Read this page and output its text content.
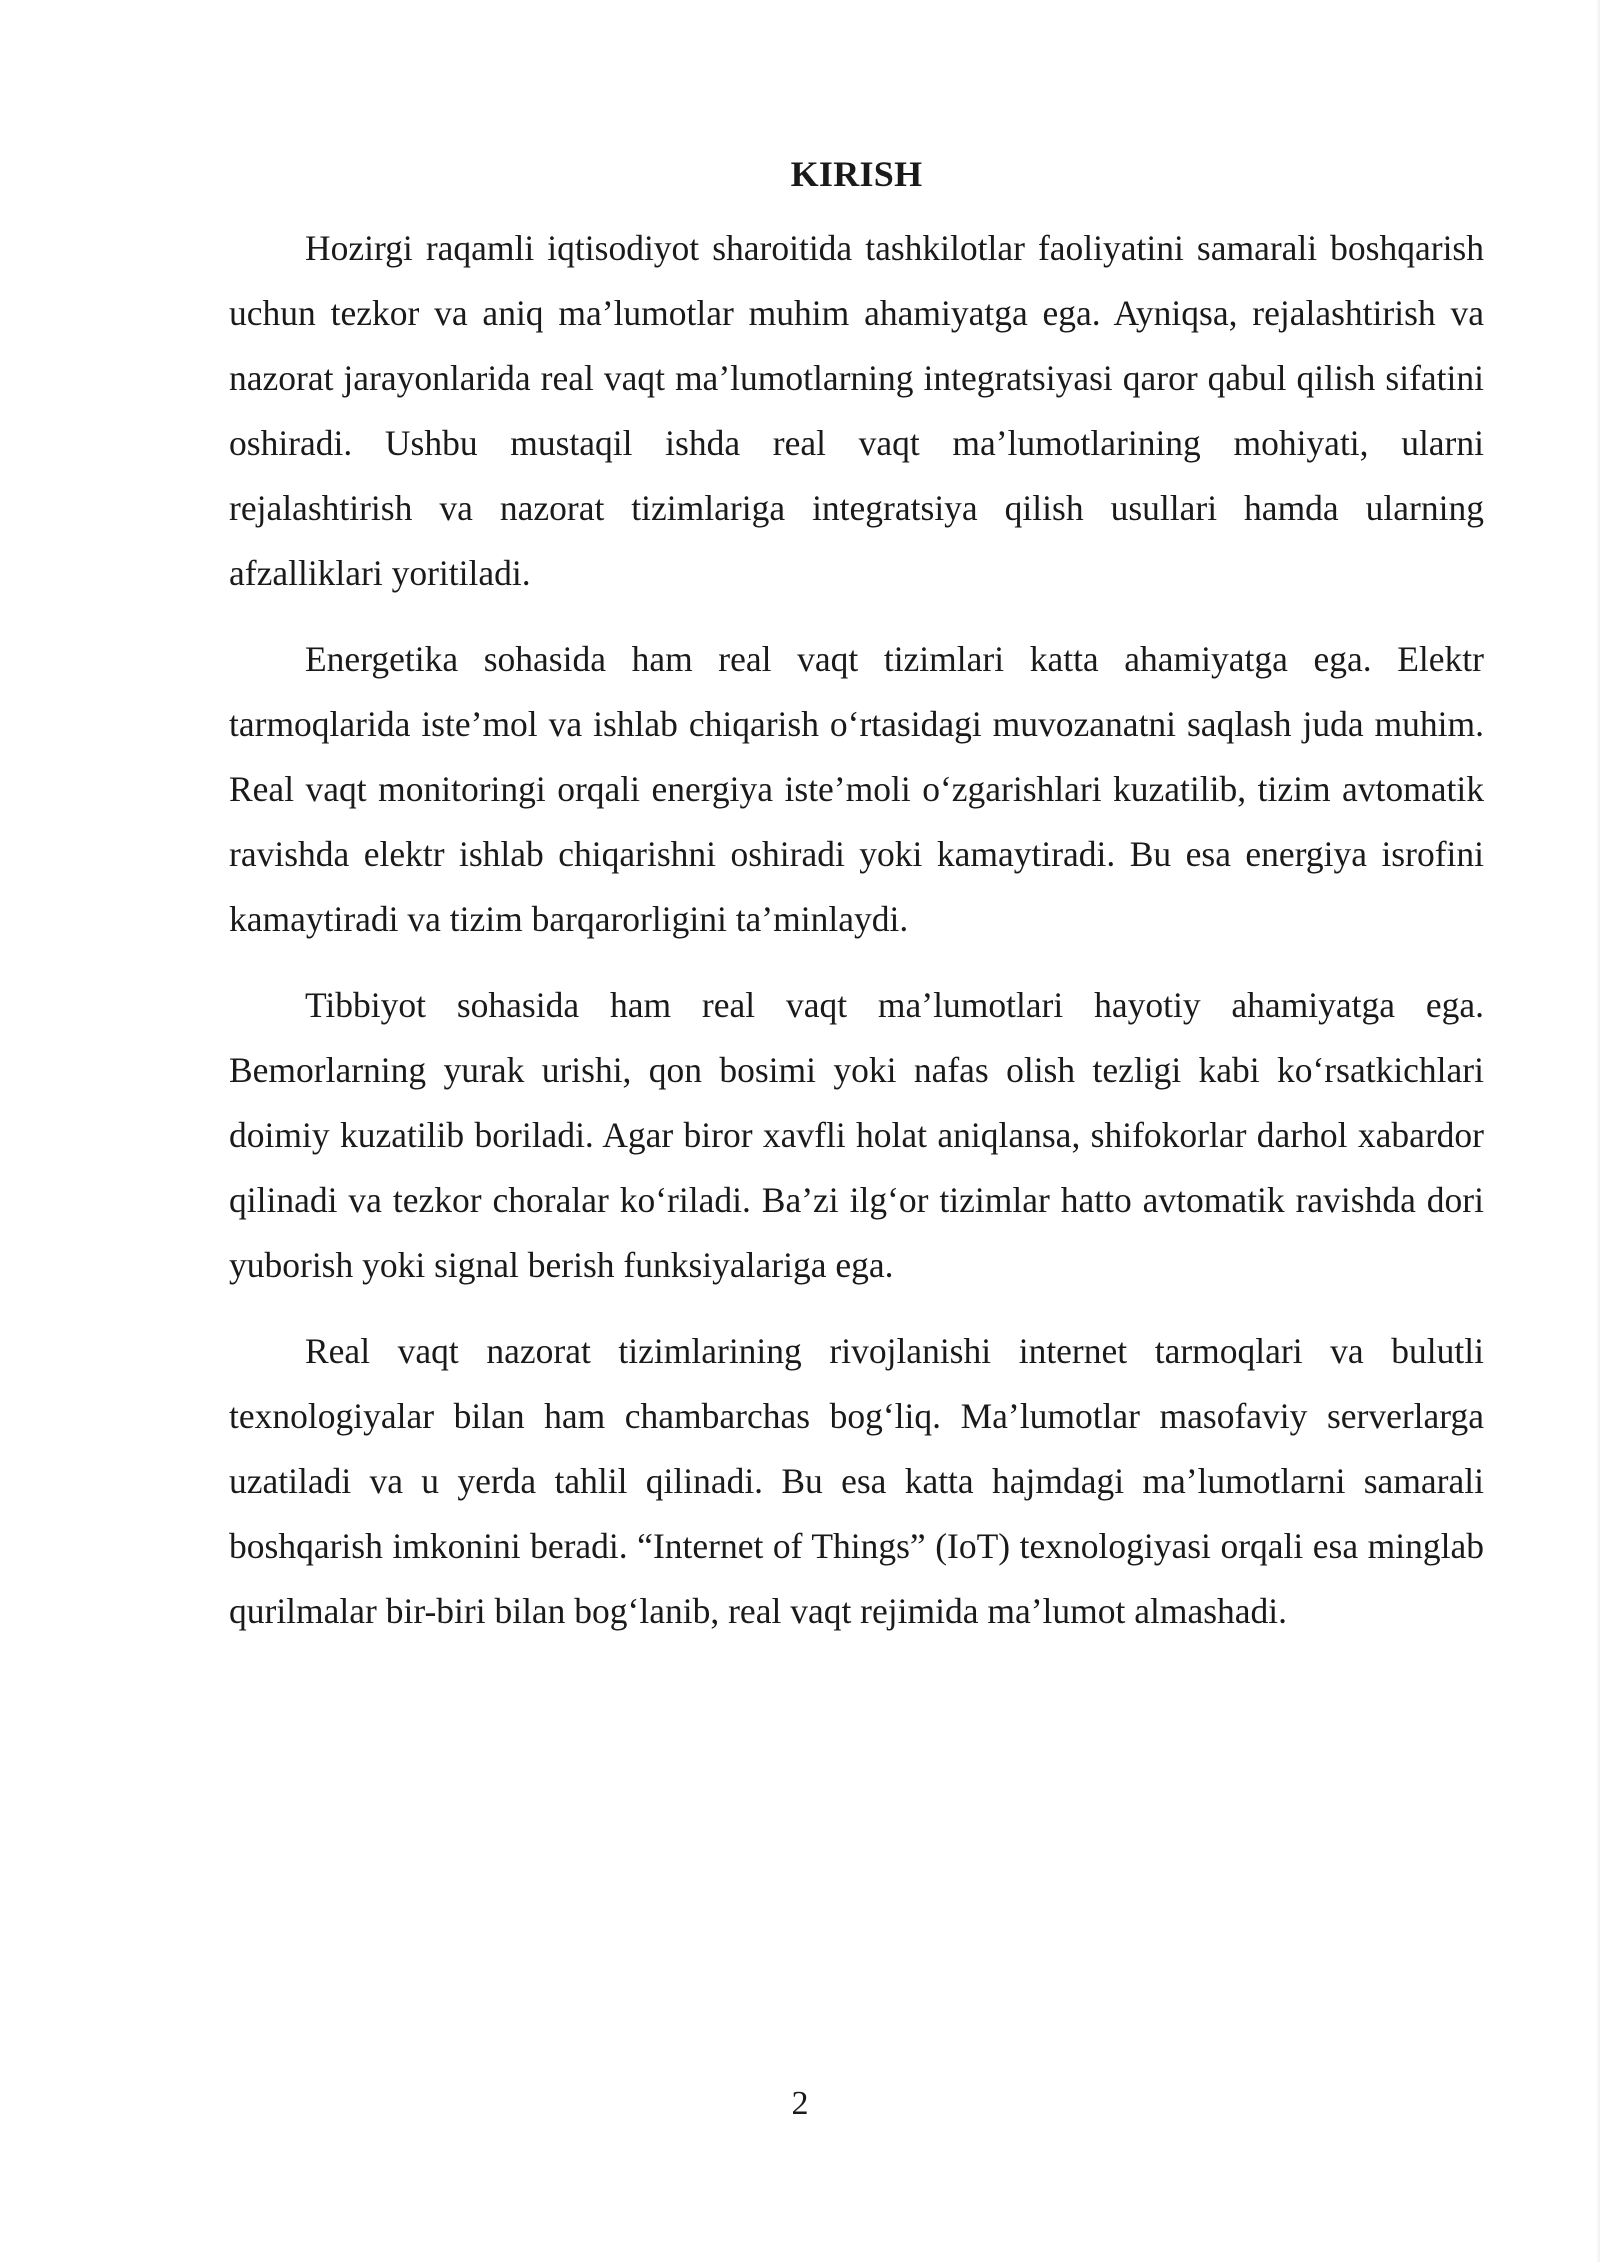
KIRISH

Hozirgi raqamli iqtisodiyot sharoitida tashkilotlar faoliyatini samarali boshqarish uchun tezkor va aniq ma’lumotlar muhim ahamiyatga ega. Ayniqsa, rejalashtirish va nazorat jarayonlarida real vaqt ma’lumotlarning integratsiyasi qaror qabul qilish sifatini oshiradi. Ushbu mustaqil ishda real vaqt ma’lumotlarining mohiyati, ularni rejalashtirish va nazorat tizimlariga integratsiya qilish usullari hamda ularning afzalliklari yoritiladi.

Energetika sohasida ham real vaqt tizimlari katta ahamiyatga ega. Elektr tarmoqlarida iste’mol va ishlab chiqarish o‘rtasidagi muvozanatni saqlash juda muhim. Real vaqt monitoringi orqali energiya iste’moli o‘zgarishlari kuzatilib, tizim avtomatik ravishda elektr ishlab chiqarishni oshiradi yoki kamaytiradi. Bu esa energiya isrofini kamaytiradi va tizim barqarorligini ta’minlaydi.

Tibbiyot sohasida ham real vaqt ma’lumotlari hayotiy ahamiyatga ega. Bemorlarning yurak urishi, qon bosimi yoki nafas olish tezligi kabi ko‘rsatkichlari doimiy kuzatilib boriladi. Agar biror xavfli holat aniqlansa, shifokorlar darhol xabardor qilinadi va tezkor choralar ko‘riladi. Ba’zi ilg‘or tizimlar hatto avtomatik ravishda dori yuborish yoki signal berish funksiyalariga ega.

Real vaqt nazorat tizimlarining rivojlanishi internet tarmoqlari va bulutli texnologiyalar bilan ham chambarchas bog‘liq. Ma’lumotlar masofaviy serverlarga uzatiladi va u yerda tahlil qilinadi. Bu esa katta hajmdagi ma’lumotlarni samarali boshqarish imkonini beradi. “Internet of Things” (IoT) texnologiyasi orqali esa minglab qurilmalar bir-biri bilan bog‘lanib, real vaqt rejimida ma’lumot almashadi.

2
